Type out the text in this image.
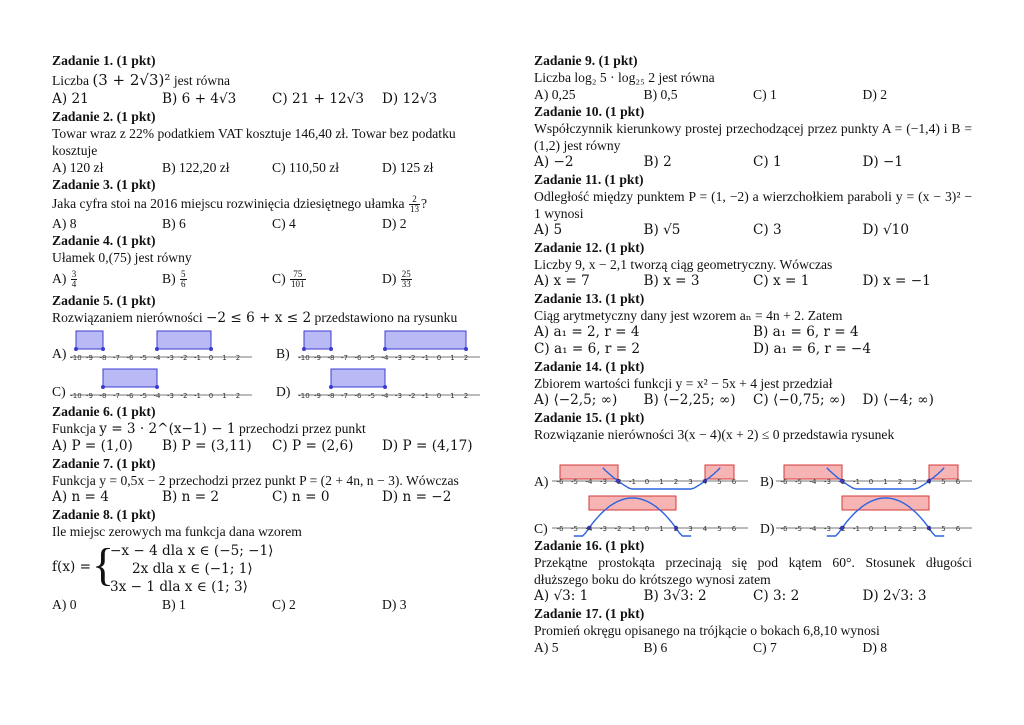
Zadanie 1. (1 pkt)
Liczba (3 + 2√3)² jest równa
A) 21	B) 6 + 4√3	C) 21 + 12√3	D) 12√3
Zadanie 2. (1 pkt)
Towar wraz z 22% podatkiem VAT kosztuje 146,40 zł. Towar bez podatku kosztuje
A) 120 zł	B) 122,20 zł	C) 110,50 zł	D) 125 zł
Zadanie 3. (1 pkt)
Jaka cyfra stoi na 2016 miejscu rozwinięcia dziesiętnego ułamka $\frac{2}{13}$ ?
A) 8	B) 6	C) 4	D) 2
Zadanie 4. (1 pkt)
Ułamek 0,(75) jest równy
$A) \frac{3}{4}$	$B) \frac{5}{6}$	$C) \frac{75}{101}$	$D) \frac{25}{33}$
Zadanie 5. (1 pkt)
Rozwiązaniem nierówności −2 ≤ 6 + x ≤ 2 przedstawiono na rysunku
A) -10 -9 -8 -7 -6 -5 -4 -3 -2 -1 0 1 2	B) -10 -9 -8 -7 -6 -5 -4 -3 -2 -1 0 1 2
C) -10 -9 -8 -7 -6 -5 -4 -3 -2 -1 0 1 2	D) -10 -9 -8 -7 -6 -5 -4 -3 -2 -1 0 1 2
Zadanie 6. (1 pkt)
Funkcja y = 3 · 2^(x−1) − 1 przechodzi przez punkt
A) P = (1,0)	B) P = (3,11)	C) P = (2,6)	D) P = (4,17)
Zadanie 7. (1 pkt)
Funkcja y = 0,5x − 2 przechodzi przez punkt P = (2 + 4n, n − 3). Wówczas
A) n = 4	B) n = 2	C) n = 0	D) n = −2
Zadanie 8. (1 pkt)
Ile miejsc zerowych ma funkcja dana wzorem
f(x) = {
−x − 4 dla x ∈ (−5; −1⟩
2x dla x ∈ (−1; 1⟩
3x − 1 dla x ∈ (1; 3⟩
A) 0	B) 1	C) 2	D) 3
Zadanie 9. (1 pkt)
Liczba log₂ 5 · log₂₅ 2 jest równa
A) 0,25	B) 0,5	C) 1	D) 2
Zadanie 10. (1 pkt)
Współczynnik kierunkowy prostej przechodzącej przez punkty A = (−1,4) i B = (1,2) jest równy
A) −2	B) 2	C) 1	D) −1
Zadanie 11. (1 pkt)
Odległość między punktem P = (1, −2) a wierzchołkiem paraboli y = (x − 3)² − 1 wynosi
A) 5	B) √5	C) 3	D) √10
Zadanie 12. (1 pkt)
Liczby 9, x − 2,1 tworzą ciąg geometryczny. Wówczas
A) x = 7	B) x = 3	C) x = 1	D) x = −1
Zadanie 13. (1 pkt)
Ciąg arytmetyczny dany jest wzorem aₙ = 4n + 2. Zatem
A) a₁ = 2, r = 4	B) a₁ = 6, r = 4
C) a₁ = 6, r = 2	D) a₁ = 6, r = −4
Zadanie 14. (1 pkt)
Zbiorem wartości funkcji y = x² − 5x + 4 jest przedział
A) ⟨−2,5; ∞)	B) ⟨−2,25; ∞)	C) ⟨−0,75; ∞)	D) ⟨−4; ∞)
Zadanie 15. (1 pkt)
Rozwiązanie nierówności 3(x − 4)(x + 2) ≤ 0 przedstawia rysunek
A) -6 -5 -4 -3 -2 -1 0 1 2 3 4 5 6 B) -6 -5 -4 -3 -2 -1 0 1 2 3 4 5 6
C) -6 -5 -4 -3 -2 -1 0 1 2 3 4 5 6 D) -6 -5 -4 -3 -2 -1 0 1 2 3 4 5 6
Zadanie 16. (1 pkt)
Przekątne prostokąta przecinają się pod kątem 60°. Stosunek długości dłuższego boku do krótszego wynosi zatem
A) √3: 1	B) 3√3: 2	C) 3: 2	D) 2√3: 3
Zadanie 17. (1 pkt)
Promień okręgu opisanego na trójkącie o bokach 6,8,10 wynosi
A) 5	B) 6	C) 7	D) 8
